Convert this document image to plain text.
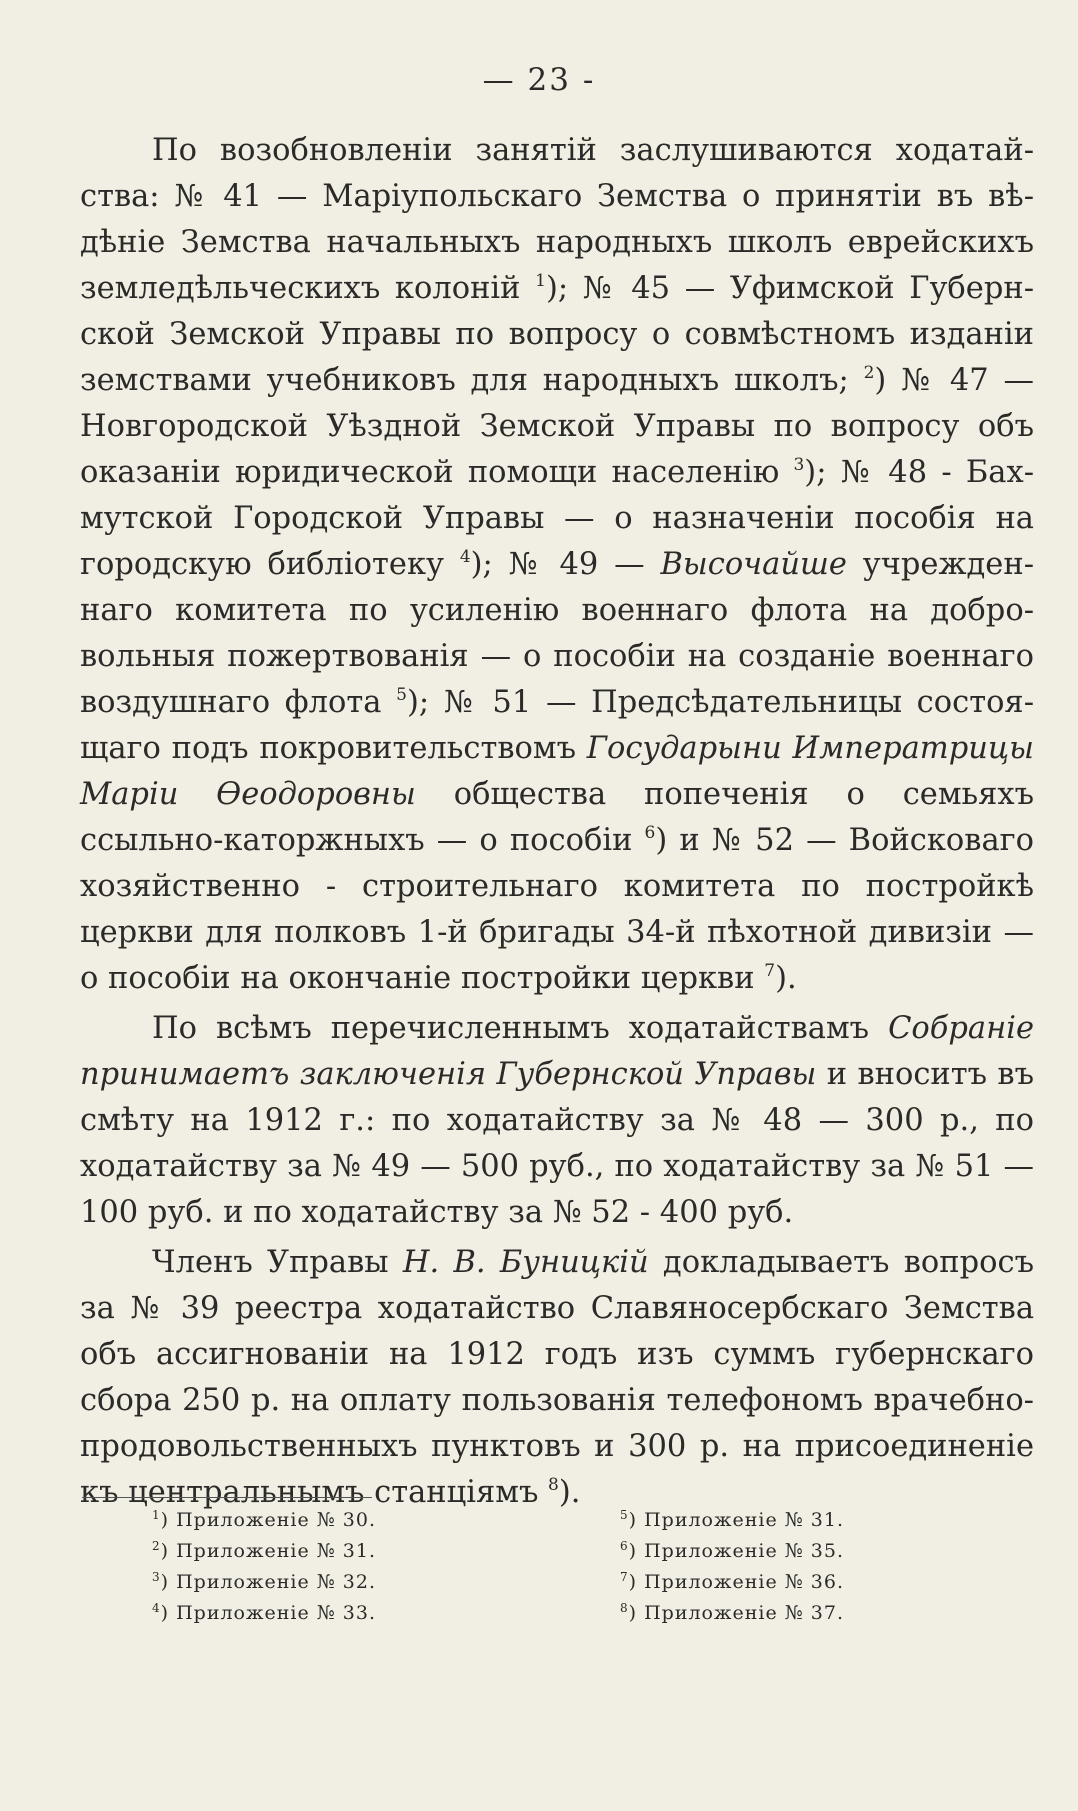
— 23 -

По возобновленіи занятій заслушиваются ходатайства: № 41 — Маріупольскаго Земства о принятіи въ вѣдѣніе Земства начальныхъ народныхъ школъ еврейскихъ земледѣльческихъ колоній $^1$); № 45 — Уфимской Губернской Земской Управы по вопросу о совмѣстномъ изданіи земствами учебниковъ для народныхъ школъ; $^2$) № 47 — Новгородской Уѣздной Земской Управы по вопросу объ оказаніи юридической помощи населенію $^3$); № 48 - Бахмутской Городской Управы — о назначеніи пособія на городскую библіотеку $^4$); № 49 — Высочайше учрежденнаго комитета по усиленію военнаго флота на добровольныя пожертвованія — о пособіи на созданіе военнаго воздушнаго флота $^5$); № 51 — Предсѣдательницы состоящаго подъ покровительствомъ Государыни Императрицы Маріи Өеодоровны общества попеченія о семьяхъ ссыльно-каторжныхъ — о пособіи $^6$) и № 52 — Войсковаго хозяйственно - строительнаго комитета по постройкѣ церкви для полковъ 1-й бригады 34-й пѣхотной дивизіи — о пособіи на окончаніе постройки церкви $^7$).

По всѣмъ перечисленнымъ ходатайствамъ Собраніе принимаетъ заключенія Губернской Управы и вноситъ въ смѣту на 1912 г.: по ходатайству за № 48 — 300 р., по ходатайству за № 49 — 500 руб., по ходатайству за № 51 — 100 руб. и по ходатайству за № 52 - 400 руб.

Членъ Управы Н. В. Буницкій докладываетъ вопросъ за № 39 реестра ходатайство Славяносербскаго Земства объ ассигнованіи на 1912 годъ изъ суммъ губернскаго сбора 250 р. на оплату пользованія телефономъ врачебно-продовольственныхъ пунктовъ и 300 р. на присоединеніе къ центральнымъ станціямъ $^8$).

$^1$) Приложеніе № 30.	$^5$) Приложеніе № 31.
$^2$) Приложеніе № 31.	$^6$) Приложеніе № 35.
$^3$) Приложеніе № 32.	$^7$) Приложеніе № 36.
$^4$) Приложеніе № 33.	$^8$) Приложеніе № 37.
